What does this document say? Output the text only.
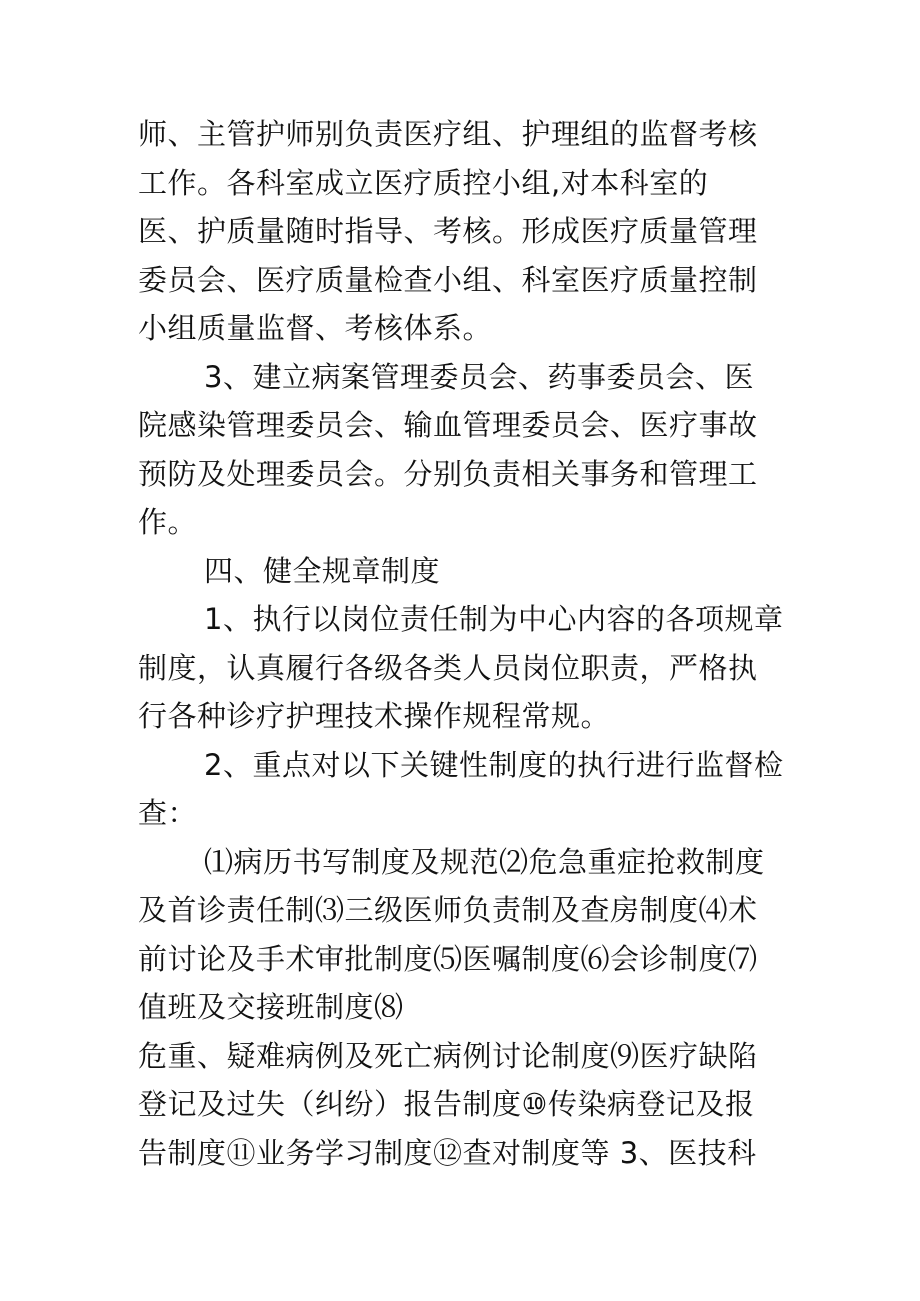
师、主管护师别负责医疗组、护理组的监督考核
工作。各科室成立医疗质控小组,对本科室的
医、护质量随时指导、考核。形成医疗质量管理
委员会、医疗质量检查小组、科室医疗质量控制
小组质量监督、考核体系。
3、建立病案管理委员会、药事委员会、医
院感染管理委员会、输血管理委员会、医疗事故
预防及处理委员会。分别负责相关事务和管理工
作。
四、健全规章制度
1、执行以岗位责任制为中心内容的各项规章
制度，认真履行各级各类人员岗位职责，严格执
行各种诊疗护理技术操作规程常规。
2、重点对以下关键性制度的执行进行监督检
查：
⑴病历书写制度及规范⑵危急重症抢救制度
及首诊责任制⑶三级医师负责制及查房制度⑷术
前讨论及手术审批制度⑸医嘱制度⑹会诊制度⑺
值班及交接班制度⑻
危重、疑难病例及死亡病例讨论制度⑼医疗缺陷
登记及过失（纠纷）报告制度⑩传染病登记及报
告制度⑪业务学习制度⑫查对制度等 3、医技科
